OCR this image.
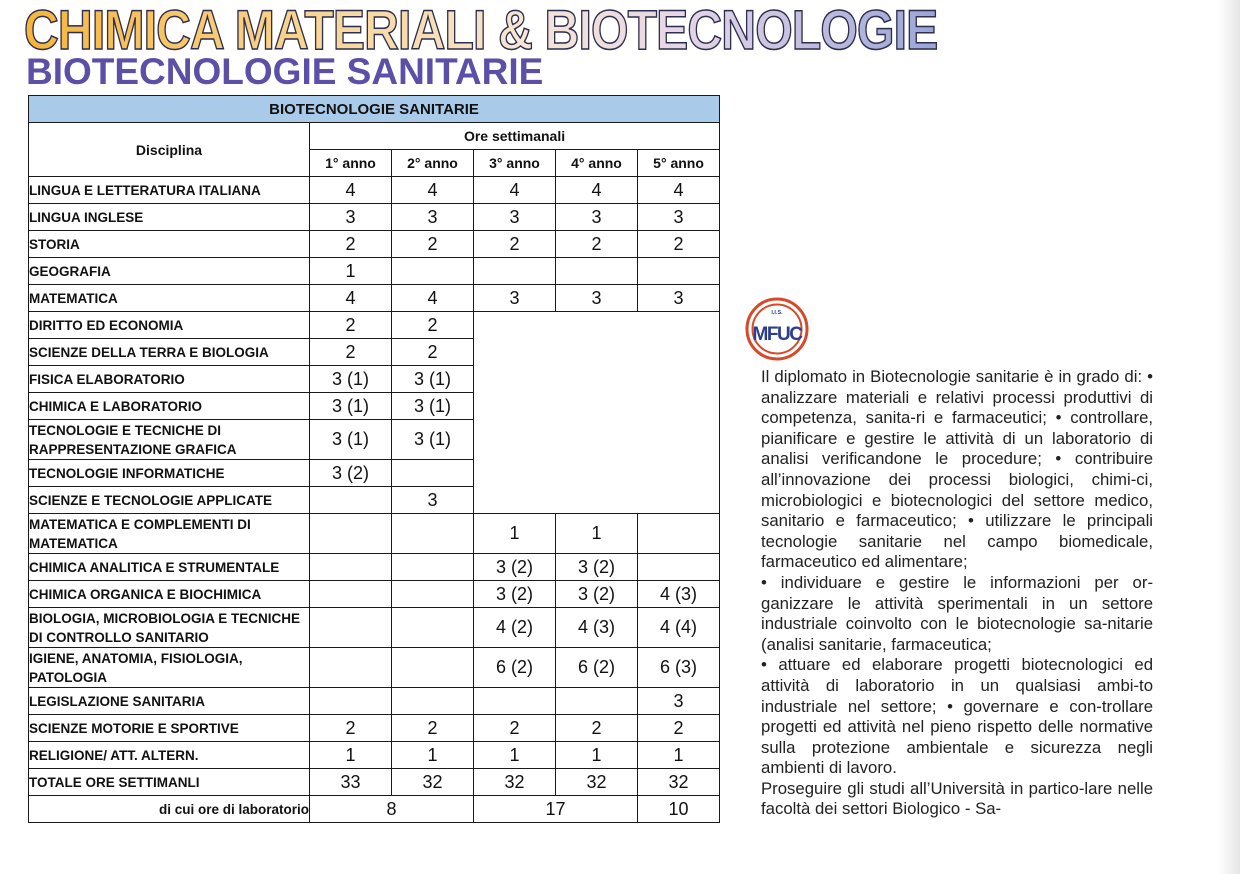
CHIMICA MATERIALI & BIOTECNOLOGIE
BIOTECNOLOGIE SANITARIE
BIOTECNOLOGIE SANITARIE					
Disciplina	Ore settimanali				
	1° anno	2° anno	3° anno	4° anno	5° anno
LINGUA E LETTERATURA ITALIANA	4	4	4	4	4
LINGUA INGLESE	3	3	3	3	3
STORIA	2	2	2	2	2
GEOGRAFIA	1				
MATEMATICA	4	4	3	3	3
DIRITTO ED ECONOMIA	2	2			
SCIENZE DELLA TERRA E BIOLOGIA	2	2			
FISICA ELABORATORIO	3 (1)	3 (1)			
CHIMICA E LABORATORIO	3 (1)	3 (1)			
TECNOLOGIE E TECNICHE DI RAPPRESENTAZIONE GRAFICA	3 (1)	3 (1)			
TECNOLOGIE INFORMATICHE	3 (2)				
SCIENZE E TECNOLOGIE APPLICATE		3			
MATEMATICA E COMPLEMENTI DI MATEMATICA			1	1	
CHIMICA ANALITICA E STRUMENTALE			3 (2)	3 (2)	
CHIMICA ORGANICA E BIOCHIMICA			3 (2)	3 (2)	4 (3)
BIOLOGIA, MICROBIOLOGIA E TECNICHE DI CONTROLLO SANITARIO			4 (2)	4 (3)	4 (4)
IGIENE, ANATOMIA, FISIOLOGIA, PATOLOGIA			6 (2)	6 (2)	6 (3)
LEGISLAZIONE SANITARIA					3
SCIENZE MOTORIE E SPORTIVE	2	2	2	2	2
RELIGIONE/ ATT. ALTERN.	1	1	1	1	1
TOTALE ORE SETTIMANLI	33	32	32	32	32
di cui ore di laboratorio	8		17		10
I.I.S.
MFUC
Il diplomato in Biotecnologie sanitarie è in grado di: • analizzare materiali e relativi processi produttivi di competenza, sanita-ri e farmaceutici; • controllare, pianificare e gestire le attività di un laboratorio di analisi verificandone le procedure; • contribuire all’innovazione dei processi biologici, chimi-ci, microbiologici e biotecnologici del settore medico, sanitario e farmaceutico; • utilizzare le principali tecnologie sanitarie nel campo biomedicale, farmaceutico ed alimentare;
• individuare e gestire le informazioni per or-ganizzare le attività sperimentali in un settore industriale coinvolto con le biotecnologie sa-nitarie (analisi sanitarie, farmaceutica;
• attuare ed elaborare progetti biotecnologici ed attività di laboratorio in un qualsiasi ambi-to industriale nel settore; • governare e con-trollare progetti ed attività nel pieno rispetto delle normative sulla protezione ambientale e sicurezza negli ambienti di lavoro.
Proseguire gli studi all’Università in partico-lare nelle facoltà dei settori Biologico - Sa-
